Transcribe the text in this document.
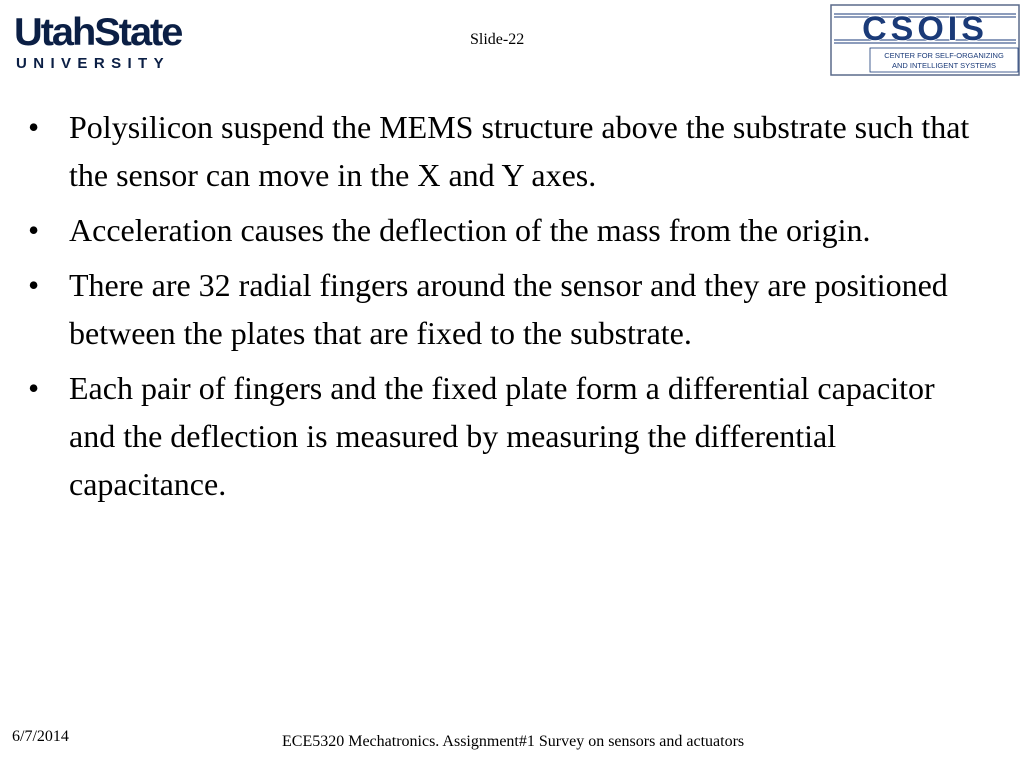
UtahState
UNIVERSITY
Slide-22	CSOIS
CENTER FOR SELF-ORGANIZING
AND INTELLIGENT SYSTEMS
• Polysilicon suspend the MEMS structure above the substrate such that the sensor can move in the X and Y axes.
• Acceleration causes the deflection of the mass from the origin.
• There are 32 radial fingers around the sensor and they are positioned between the plates that are fixed to the substrate.
• Each pair of fingers and the fixed plate form a differential capacitor and the deflection is measured by measuring the differential capacitance.
6/7/2014	ECE5320 Mechatronics. Assignment#1 Survey on sensors and actuators
